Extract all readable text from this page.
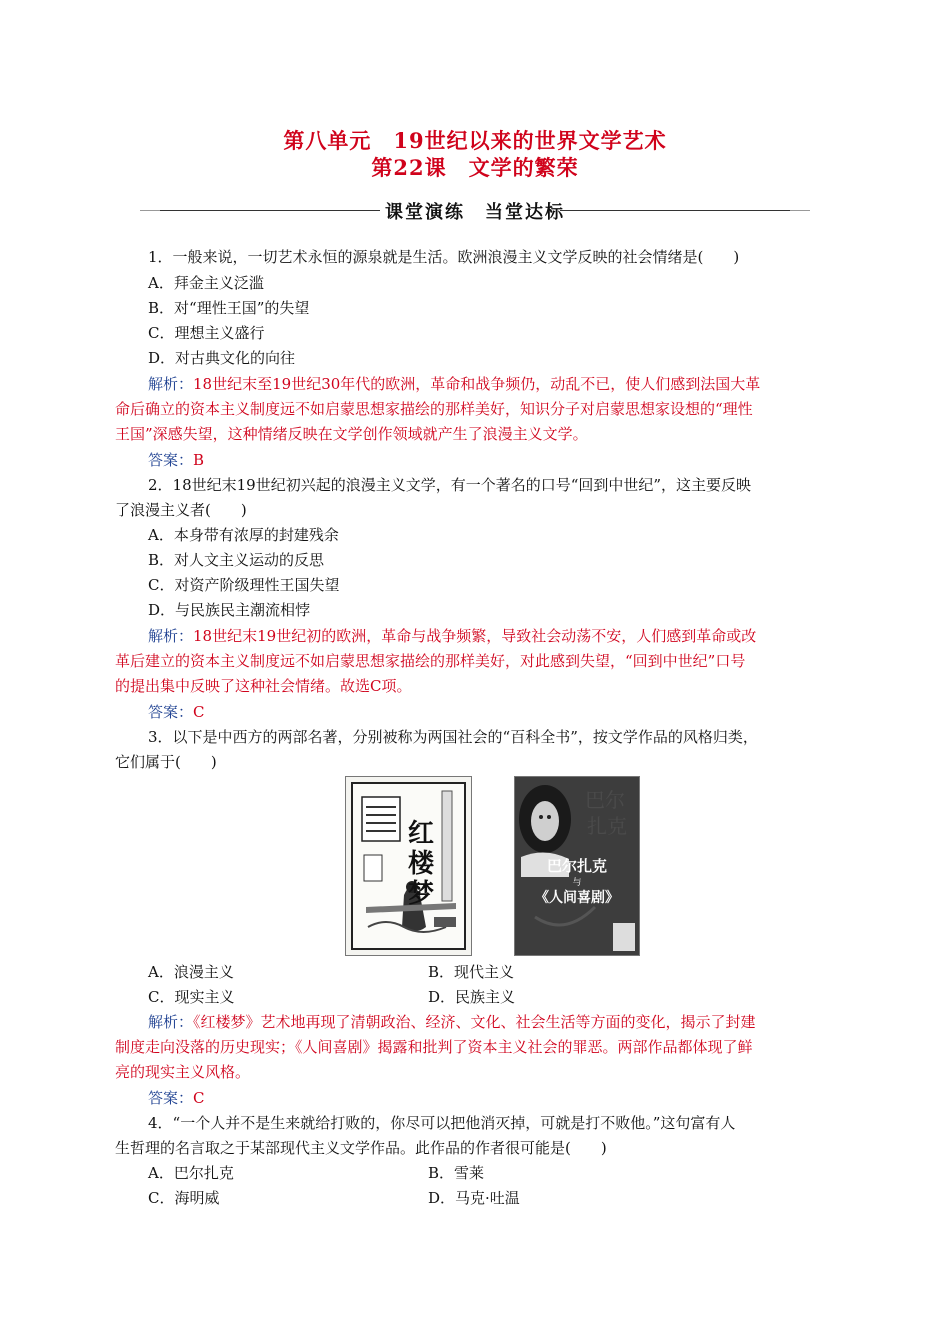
第八单元　19世纪以来的世界文学艺术
第22课　文学的繁荣
课堂演练　当堂达标
1．一般来说，一切艺术永恒的源泉就是生活。欧洲浪漫主义文学反映的社会情绪是(　　)
A．拜金主义泛滥
B．对“理性王国”的失望
C．理想主义盛行
D．对古典文化的向往
解析：18世纪末至19世纪30年代的欧洲，革命和战争频仍，动乱不已，使人们感到法国大革
命后确立的资本主义制度远不如启蒙思想家描绘的那样美好，知识分子对启蒙思想家设想的“理性
王国”深感失望，这种情绪反映在文学创作领域就产生了浪漫主义文学。
答案：B
2．18世纪末19世纪初兴起的浪漫主义文学，有一个著名的口号“回到中世纪”，这主要反映
了浪漫主义者(　　)
A．本身带有浓厚的封建残余
B．对人文主义运动的反思
C．对资产阶级理性王国失望
D．与民族民主潮流相悖
解析：18世纪末19世纪初的欧洲，革命与战争频繁，导致社会动荡不安，人们感到革命或改
革后建立的资本主义制度远不如启蒙思想家描绘的那样美好，对此感到失望，“回到中世纪”口号
的提出集中反映了这种社会情绪。故选C项。
答案：C
3．以下是中西方的两部名著，分别被称为两国社会的“百科全书”，按文学作品的风格归类，
它们属于(　　)
红楼梦
巴尔
扎克
巴尔扎克
与
《人间喜剧》
A．浪漫主义	B．现代主义
C．现实主义	D．民族主义
解析：《红楼梦》艺术地再现了清朝政治、经济、文化、社会生活等方面的变化，揭示了封建
制度走向没落的历史现实；《人间喜剧》揭露和批判了资本主义社会的罪恶。两部作品都体现了鲜
亮的现实主义风格。
答案：C
4．“一个人并不是生来就给打败的，你尽可以把他消灭掉，可就是打不败他。”这句富有人
生哲理的名言取之于某部现代主义文学作品。此作品的作者很可能是(　　)
A．巴尔扎克	B．雪莱
C．海明威	D．马克·吐温
